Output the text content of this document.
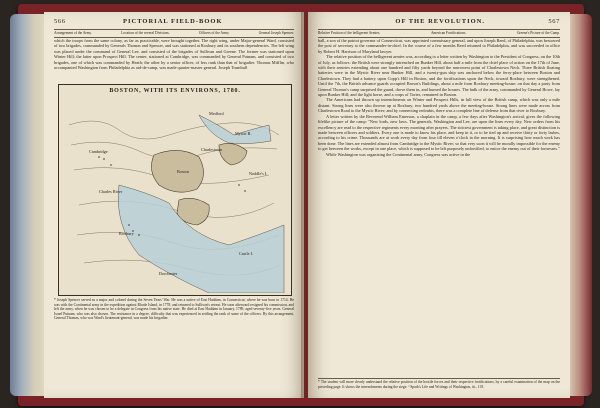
566	PICTORIAL FIELD-BOOK
Arrangement of the Army.	Location of the several Divisions.	Officers of the Army.	General Joseph Spencer.

which the troops from the same colony, as far as practicable, were brought together. The right wing, under Major-general Ward, consisted of two brigades, commanded by Generals Thomas and Spencer, and was stationed at Roxbury and its southern dependencies. The left wing was placed under the command of General Lee, and consisted of the brigades of Sullivan and Greene. The former was stationed upon Winter Hill; the latter upon Prospect Hill. The center, stationed at Cambridge, was commanded by General Putnam, and consisted of two brigades, one of which was commanded by Heath; the other by a senior officer, of less rank than that of brigadier. Thomas Mifflin, who accompanied Washington from Philadelphia as aid-de-camp, was made quarter-master general. Joseph Trumbull

BOSTON, WITH ITS ENVIRONS, 1780.
Boston
Charlestown
Cambridge
Roxbury
Dorchester
Medford
Noddle's I.
Castle I.
Mystic R.
Charles River

* Joseph Spencer served as a major and colonel during the Seven Years' War. He was a native of East Haddam, in Connecticut, where he was born in 1714. He was with the Continental army in the expedition against Rhode Island, in 1778, and returned to Sullivan's retreat. He soon afterward resigned his commission, and left the army, when he was chosen to be a delegate in Congress from his native state. He died at East Haddam in January, 1789, aged seventy-five years. General Israel Putnam, who was also chosen. The resistance in a degree, difficulty that was experienced in settling the rank of some of the officers. By this arrangement, General Thomas, who was Ward's lieutenant-general, was made his brigadier.

OF THE REVOLUTION.	567
Relative Position of the belligerent Armies.	American Fortifications.	Greene's Picture of the Camp.

ball, a son of the patriot governor of Connecticut, was appointed commissary general, and upon Joseph Reed, of Philadelphia, was bestowed the post of secretary to the commander-in-chief. In the course of a few months Reed returned to Philadelphia, and was succeeded in office by Robert H. Harrison of Maryland lawyer.

The relative position of the belligerent armies was, according to a letter written by Washington to the President of Congress, on the 10th of July, as follows: the British were strongly intrenched on Bunker Hill, about half a mile from the chief place of action on the 17th of June, with their sentries extending about one hundred and fifty yards beyond the narrowest point of Charlestown Neck. Three British floating batteries were in the Mystic River near Bunker Hill, and a twenty-gun ship was anchored below the ferry-place between Boston and Charlestown. They had a battery upon Copp's Hill in Boston, and the fortifications upon the Neck, toward Roxbury, were strengthened. Until the 7th, the British advance guards occupied Brown's Buildings, about a mile from Roxbury meeting-house; on that day a party from General Thomas's camp surprised the guard, drove them in, and burned the houses. The bulk of the army, commanded by General Howe, lay upon Bunker Hill; and the light horse, and a corps of Tories, remained in Boston.

The Americans had thrown up intrenchments on Winter and Prospect Hills, in full view of the British camp, which was only a mile distant. Strong lines were also thrown up at Roxbury, two hundred yards above the meeting-house. Strong lines were made across from Charlestown Road to the Mystic River; and by connecting redoubts, there was a complete line of defense from that river to Roxbury.

A letter written by the Reverend William Emerson, a chaplain in the camp, a few days after Washington's arrival, gives the following lifelike picture of the camp: "New lords, new laws. The generals, Washington and Lee, are upon the lines every day. New orders from his excellency are read to the respective regiments every morning after prayers. The strictest government is taking place, and great distinction is made between officers and soldiers. Every one is made to know his place, and keep in it, or to be tied up and receive thirty or forty lashes, according to his crime. Thousands are at work every day from four till eleven o'clock in the morning. It is surprising how much work has been done. The lines are extended almost from Cambridge to the Mystic River; so that very soon it will be morally impossible for the enemy to get between the works, except in one place, which is supposed to be left purposely unfortified, to entice the enemy out of their fortresses."

While Washington was organizing the Continental army, Congress was active in the

* The student will more clearly understand the relative position of the hostile forces and their respective fortifications, by a careful examination of the map on the preceding page. It shows the intrenchments during the siege. ² Spark's Life and Writings of Washington, iii., 101.
